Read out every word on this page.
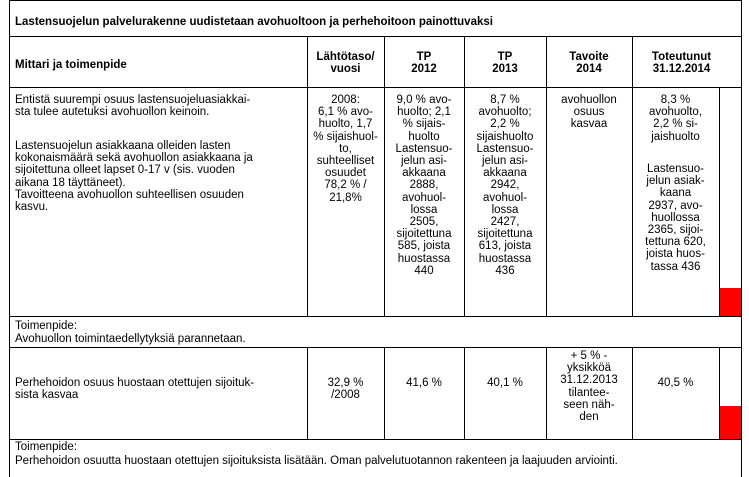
Lastensuojelun palvelurakenne uudistetaan avohuoltoon ja perhehoitoon painottuvaksi
Mittari ja toimenpide
Lähtötaso/
vuosi
TP
2012
TP
2013
Tavoite
2014
Toteutunut
31.12.2014
Entistä suurempi osuus lastensuojeluasiakkai-
sta tulee autetuksi avohuollon keinoin.
Lastensuojelun asiakkaana olleiden lasten
kokonaismäärä sekä avohuollon asiakkaana ja
sijoitettuna olleet lapset 0-17 v (sis. vuoden
aikana 18 täyttäneet).
Tavoitteena avohuollon suhteellisen osuuden
kasvu.
2008:
6,1 % avo-
huolto, 1,7
% sijaishuol-
to,
suhteelliset
osuudet
78,2 % /
21,8%
9,0 % avo-
huolto; 2,1
% sijais-
huolto
Lastensuo-
jelun asi-
akkaana
2888,
avohuol-
lossa
2505,
sijoitettuna
585, joista
huostassa
440
8,7 %
avohuolto;
2,2 %
sijaishuolto
Lastensuo-
jelun asi-
akkaana
2942,
avohuol-
lossa
2427,
sijoitettuna
613, joista
huostassa
436
avohuollon
osuus
kasvaa
8,3 %
avohuolto,
2,2 % si-
jaishuolto
Lastensuo-
jelun asiak-
kaana
2937, avo-
huollossa
2365, sijoi-
tettuna 620,
joista huos-
tassa 436
Toimenpide:
Avohuollon toimintaedellytyksiä parannetaan.
Perhehoidon osuus huostaan otettujen sijoituk-
sista kasvaa
32,9 %
/2008
41,6 %	40,1 %
+ 5 % -
yksikköä
31.12.2013
tilantee-
seen näh-
den
40,5 %
Toimenpide:
Perhehoidon osuutta huostaan otettujen sijoituksista lisätään. Oman palvelutuotannon rakenteen ja laajuuden arviointi.
